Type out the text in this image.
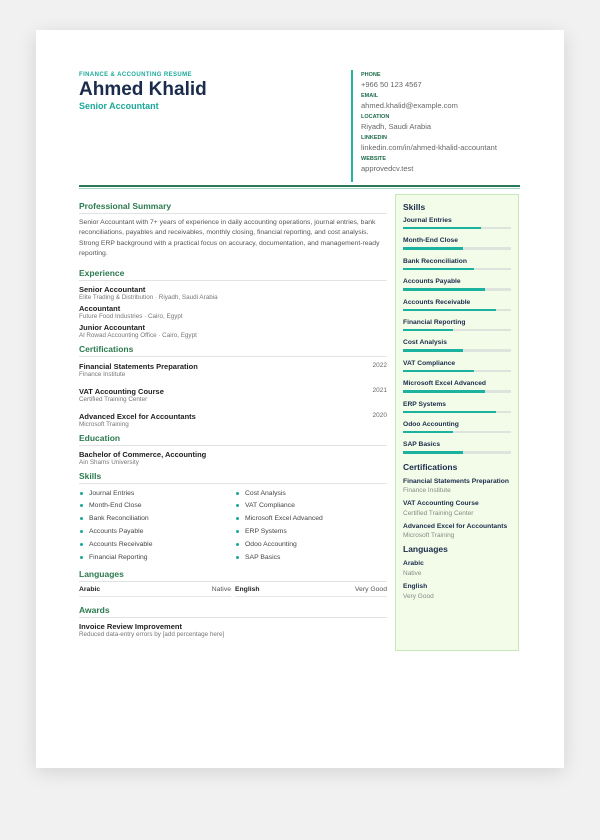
FINANCE & ACCOUNTING RESUME
Ahmed Khalid
Senior Accountant
PHONE
+966 50 123 4567
EMAIL
ahmed.khalid@example.com
LOCATION
Riyadh, Saudi Arabia
LINKEDIN
linkedin.com/in/ahmed-khalid-accountant
WEBSITE
approvedcv.test
Professional Summary
Senior Accountant with 7+ years of experience in daily accounting operations, journal entries, bank reconciliations, payables and receivables, monthly closing, financial reporting, and cost analysis. Strong ERP background with a practical focus on accuracy, documentation, and management-ready reporting.
Experience
Senior Accountant
Elite Trading & Distribution · Riyadh, Saudi Arabia
Accountant
Future Food Industries · Cairo, Egypt
Junior Accountant
Al Rowad Accounting Office · Cairo, Egypt
Certifications
Financial Statements Preparation	2022
Finance Institute
VAT Accounting Course	2021
Certified Training Center
Advanced Excel for Accountants	2020
Microsoft Training
Education
Bachelor of Commerce, Accounting
Ain Shams University
Skills
Journal Entries	Cost Analysis
Month-End Close	VAT Compliance
Bank Reconciliation	Microsoft Excel Advanced
Accounts Payable	ERP Systems
Accounts Receivable	Odoo Accounting
Financial Reporting	SAP Basics
Languages
Arabic	Native English	Very Good
Awards
Invoice Review Improvement
Reduced data-entry errors by [add percentage here]
Skills
Journal Entries
Month-End Close
Bank Reconciliation
Accounts Payable
Accounts Receivable
Financial Reporting
Cost Analysis
VAT Compliance
Microsoft Excel Advanced
ERP Systems
Odoo Accounting
SAP Basics
Certifications
Financial Statements Preparation
Finance Institute
VAT Accounting Course
Certified Training Center
Advanced Excel for Accountants
Microsoft Training
Languages
Arabic
Native
English
Very Good
